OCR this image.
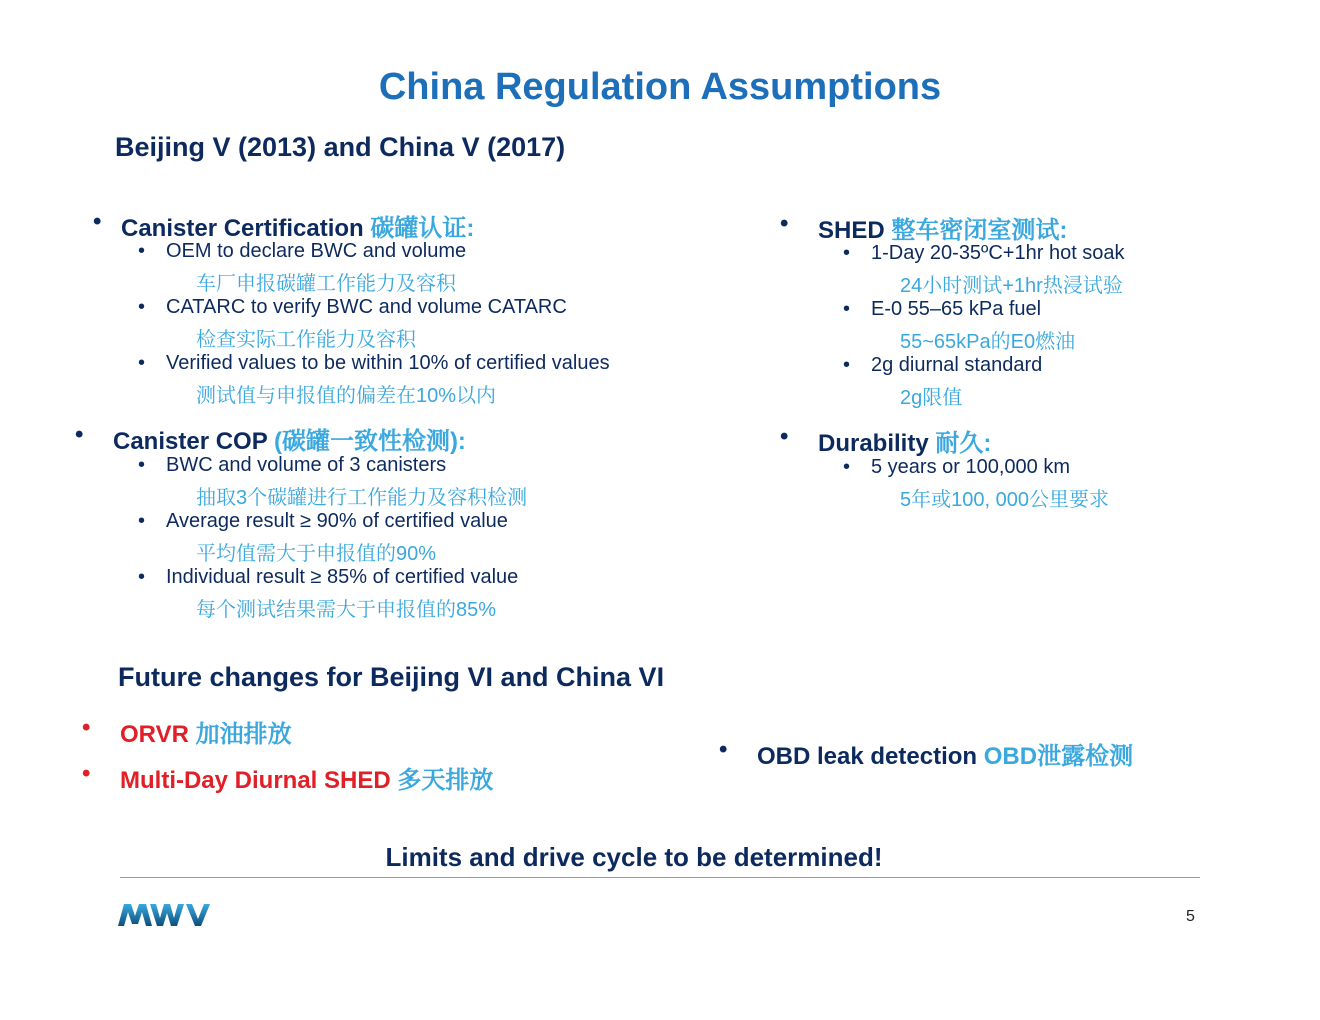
China Regulation Assumptions
Beijing V (2013) and China V (2017)
• Canister Certification 碳罐认证:
• OEM to declare BWC and volume
车厂申报碳罐工作能力及容积
• CATARC to verify BWC and volume CATARC
检查实际工作能力及容积
• Verified values to be within 10% of certified values
测试值与申报值的偏差在10%以内
• Canister COP (碳罐一致性检测):
• BWC and volume of 3 canisters
抽取3个碳罐进行工作能力及容积检测
• Average result ≥ 90% of certified value
平均值需大于申报值的90%
• Individual result ≥ 85% of certified value
每个测试结果需大于申报值的85%
• SHED 整车密闭室测试:
• 1-Day 20-35ºC+1hr hot soak
24小时测试+1hr热浸试验
• E-0 55–65 kPa fuel
55~65kPa的E0燃油
• 2g diurnal standard
2g限值
• Durability 耐久:
• 5 years or 100,000 km
5年或100, 000公里要求
Future changes for Beijing VI and China VI
• ORVR 加油排放
• Multi-Day Diurnal SHED 多天排放
• OBD leak detection OBD泄露检测
Limits and drive cycle to be determined!
5
